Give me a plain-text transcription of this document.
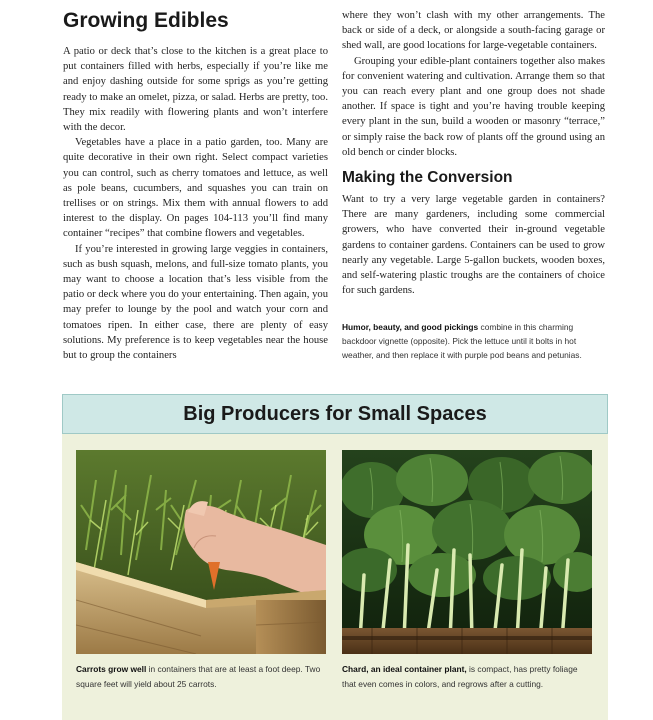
Growing Edibles

A patio or deck that’s close to the kitchen is a great place to put containers filled with herbs, especially if you’re like me and enjoy dashing outside for some sprigs as you’re getting ready to make an omelet, pizza, or salad. Herbs are pretty, too. They mix readily with flowering plants and won’t interfere with the decor.

Vegetables have a place in a patio garden, too. Many are quite decorative in their own right. Select compact varieties you can control, such as cherry tomatoes and lettuce, as well as pole beans, cucumbers, and squashes you can train on trellises or on strings. Mix them with annual flowers to add interest to the display. On pages 104-113 you’ll find many container “recipes” that combine flowers and vegetables.

If you’re interested in growing large veggies in containers, such as bush squash, melons, and full-size tomato plants, you may want to choose a location that’s less visible from the patio or deck where you do your entertaining. Then again, you may prefer to lounge by the pool and watch your corn and tomatoes ripen. In either case, there are plenty of easy solutions. My preference is to keep vegetables near the house but to group the containers

where they won’t clash with my other arrangements. The back or side of a deck, or alongside a south-facing garage or shed wall, are good locations for large-vegetable containers.

Grouping your edible-plant containers together also makes for convenient watering and cultivation. Arrange them so that you can reach every plant and one group does not shade another. If space is tight and you’re having trouble keeping every plant in the sun, build a wooden or masonry “terrace,” or simply raise the back row of plants off the ground using an old bench or cinder blocks.

Making the Conversion

Want to try a very large vegetable garden in containers? There are many gardeners, including some commercial growers, who have converted their in-ground vegetable gardens to container gardens. Containers can be used to grow nearly any vegetable. Large 5-gallon buckets, wooden boxes, and self-watering plastic troughs are the containers of choice for such gardens.

Humor, beauty, and good pickings combine in this charming backdoor vignette (opposite). Pick the lettuce until it bolts in hot weather, and then replace it with purple pod beans and petunias.
Big Producers for Small Spaces
Carrots grow well in containers that are at least a foot deep. Two square feet will yield about 25 carrots.
Chard, an ideal container plant, is compact, has pretty foliage that even comes in colors, and regrows after a cutting.
